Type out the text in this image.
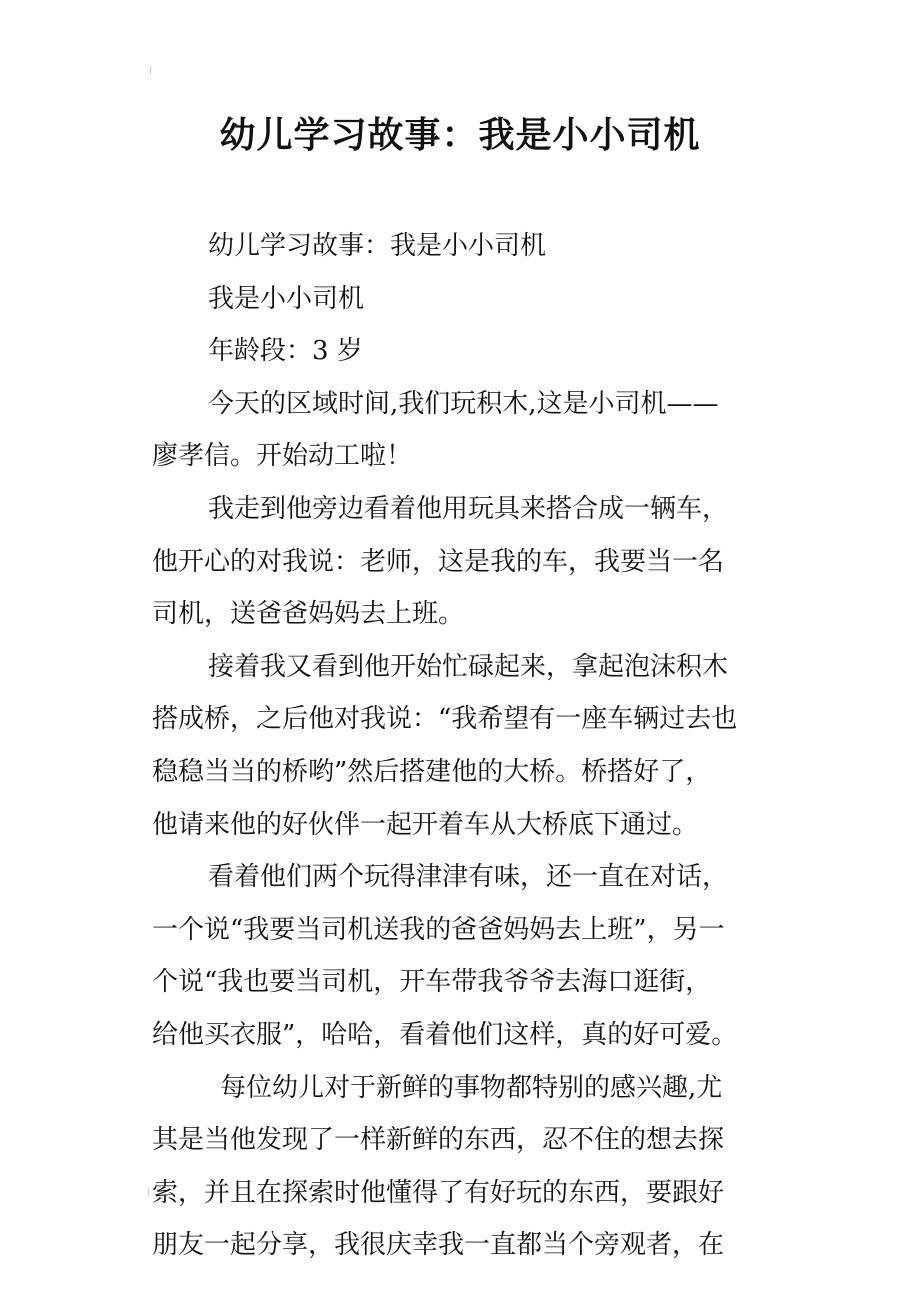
幼儿学习故事：我是小小司机
幼儿学习故事：我是小小司机
我是小小司机
年龄段：3 岁
今天的区域时间,我们玩积木,这是小司机——
廖孝信。开始动工啦！
我走到他旁边看着他用玩具来搭合成一辆车，
他开心的对我说：老师，这是我的车，我要当一名
司机，送爸爸妈妈去上班。
接着我又看到他开始忙碌起来，拿起泡沫积木
搭成桥，之后他对我说：“我希望有一座车辆过去也
稳稳当当的桥哟”然后搭建他的大桥。桥搭好了，
他请来他的好伙伴一起开着车从大桥底下通过。
看着他们两个玩得津津有味，还一直在对话，
一个说“我要当司机送我的爸爸妈妈去上班”，另一
个说“我也要当司机，开车带我爷爷去海口逛街，
给他买衣服”，哈哈，看着他们这样，真的好可爱。
每位幼儿对于新鲜的事物都特别的感兴趣,尤
其是当他发现了一样新鲜的东西，忍不住的想去探
索，并且在探索时他懂得了有好玩的东西，要跟好
朋友一起分享，我很庆幸我一直都当个旁观者，在
